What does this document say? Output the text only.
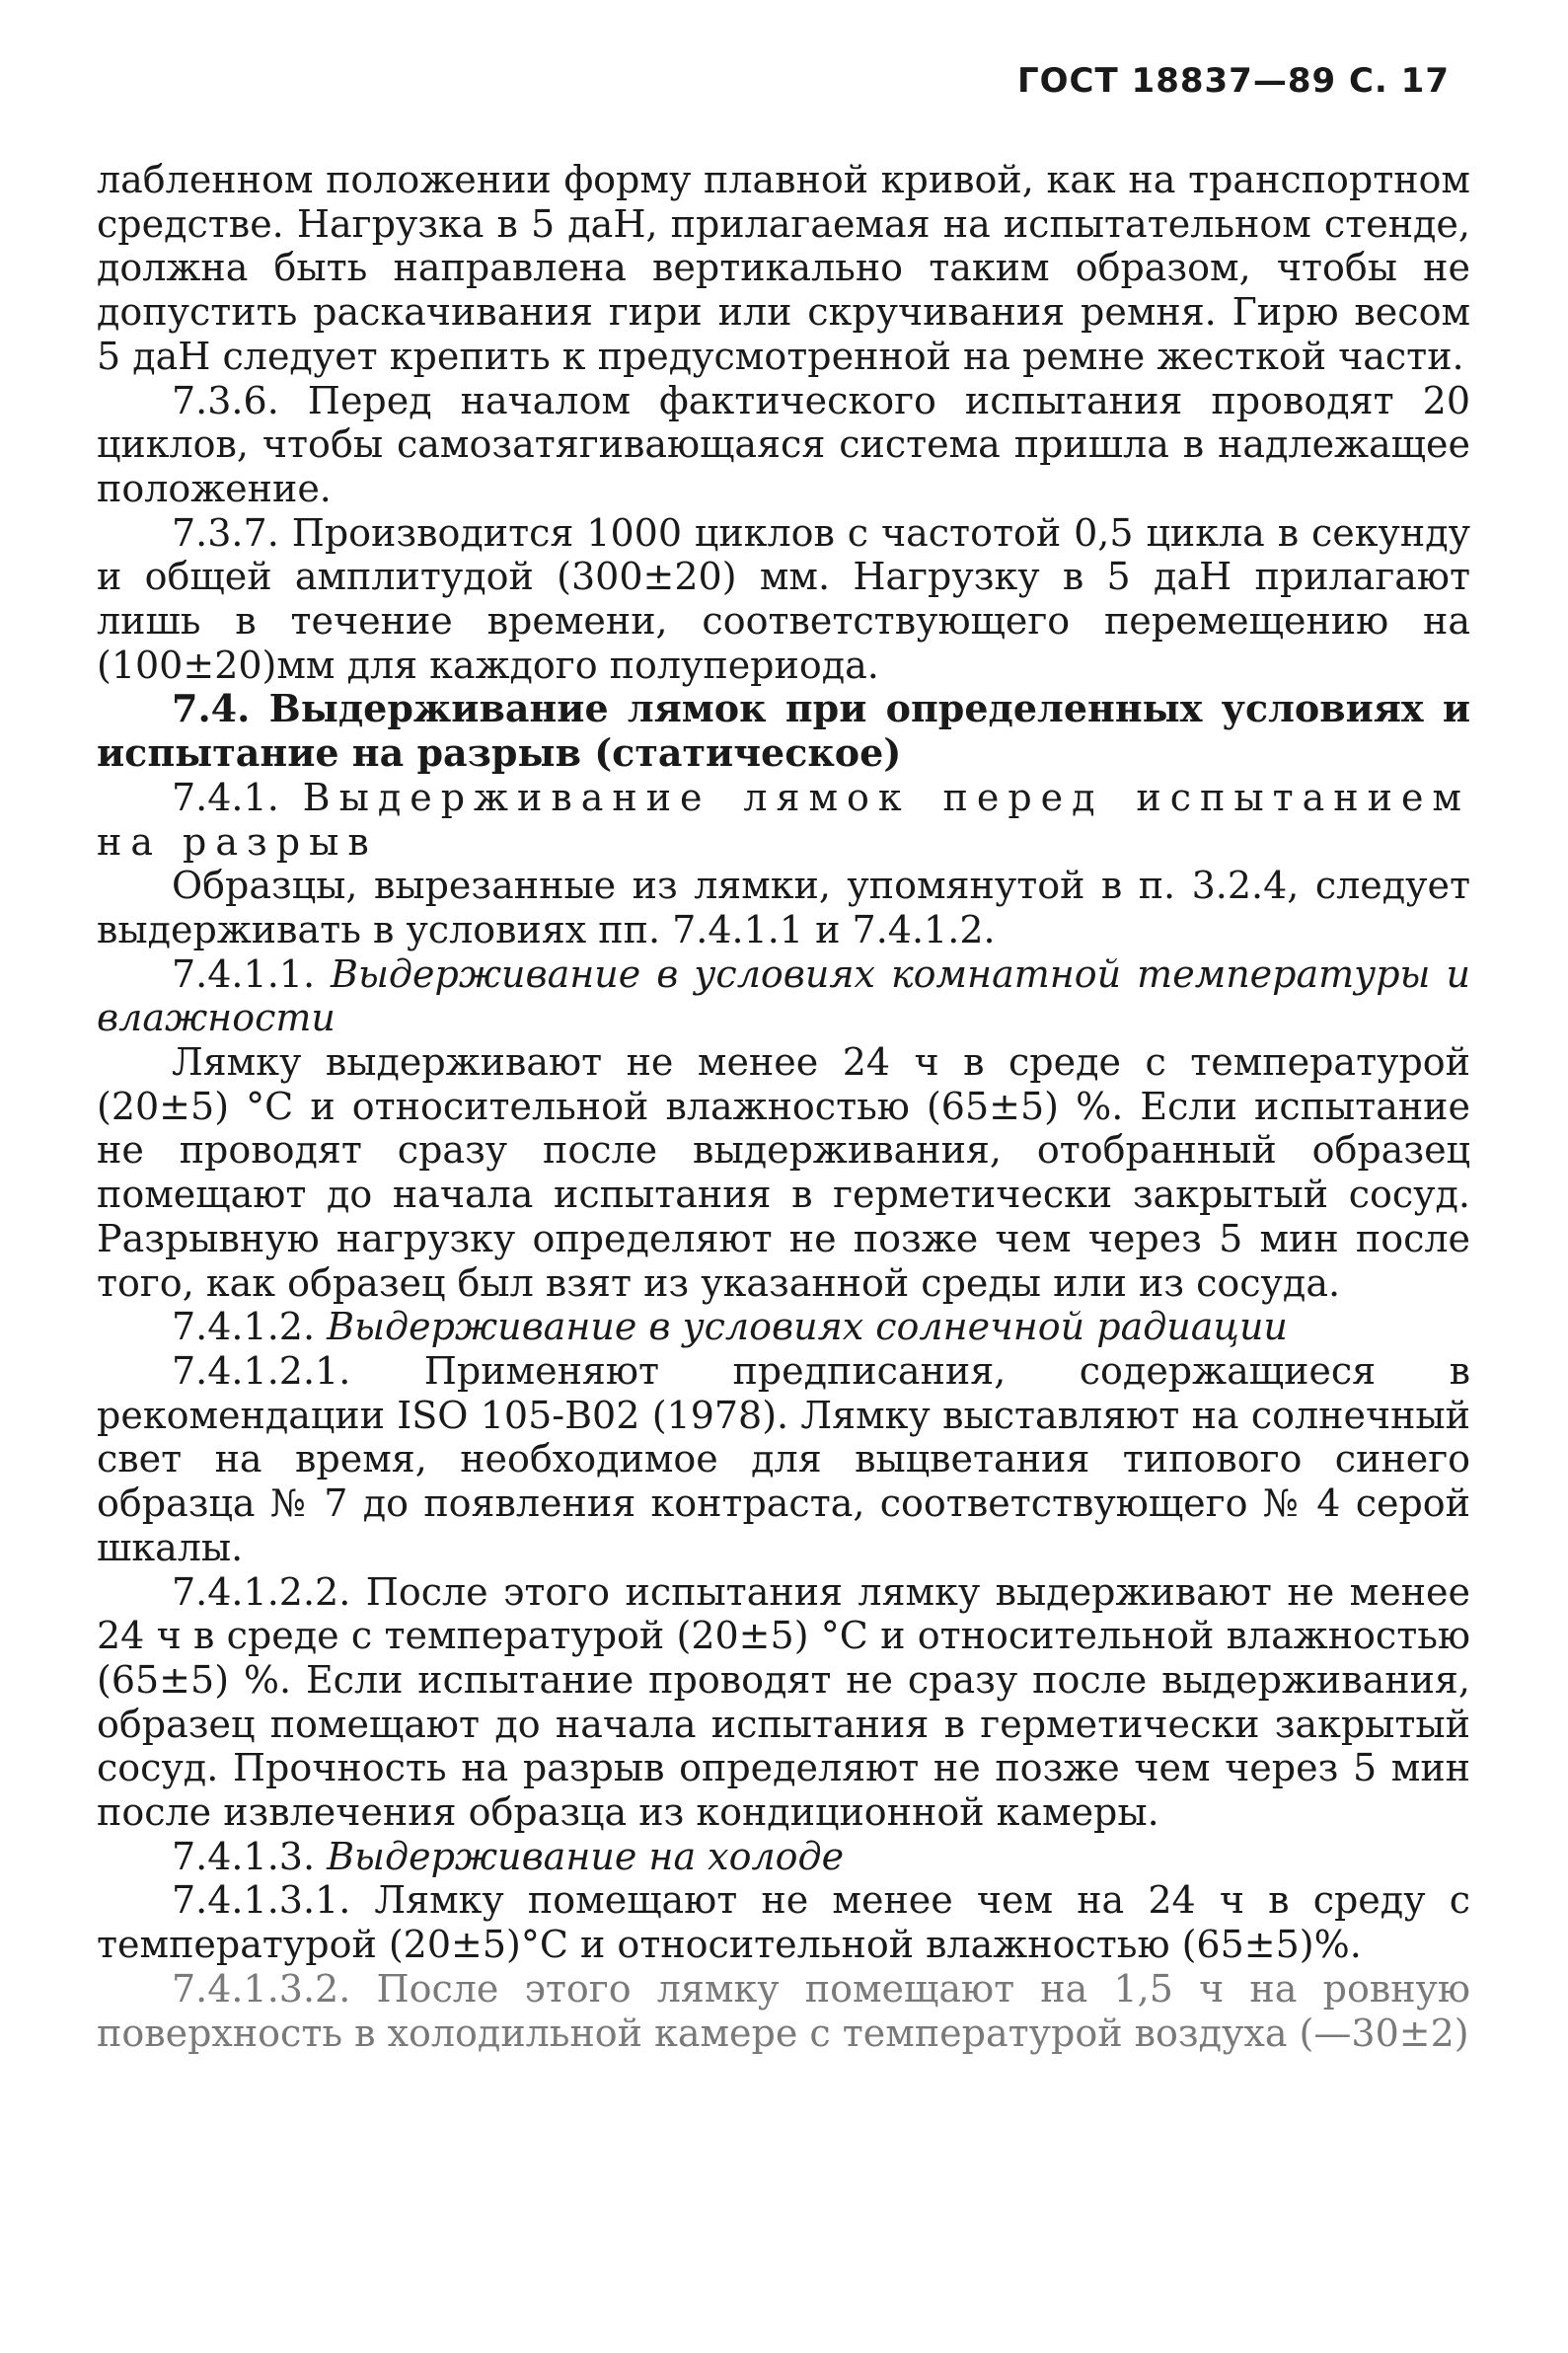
ГОСТ 18837—89 С. 17

лабленном положении форму плавной кривой, как на транспортном средстве. Нагрузка в 5 даН, прилагаемая на испытательном стенде, должна быть направлена вертикально таким образом, чтобы не допустить раскачивания гири или скручивания ремня. Гирю весом 5 даН следует крепить к предусмотренной на ремне жесткой части.

7.3.6. Перед началом фактического испытания проводят 20 циклов, чтобы самозатягивающаяся система пришла в надлежащее положение.

7.3.7. Производится 1000 циклов с частотой 0,5 цикла в секунду и общей амплитудой (300±20) мм. Нагрузку в 5 даН прилагают лишь в течение времени, соответствующего перемещению на (100±20)мм для каждого полупериода.

7.4. Выдерживание лямок при определенных условиях и испытание на разрыв (статическое)

7.4.1. Выдерживание лямок перед испытанием на разрыв

Образцы, вырезанные из лямки, упомянутой в п. 3.2.4, следует выдерживать в условиях пп. 7.4.1.1 и 7.4.1.2.

7.4.1.1. Выдерживание в условиях комнатной температуры и влажности

Лямку выдерживают не менее 24 ч в среде с температурой (20±5) °С и относительной влажностью (65±5) %. Если испытание не проводят сразу после выдерживания, отобранный образец помещают до начала испытания в герметически закрытый сосуд. Разрывную нагрузку определяют не позже чем через 5 мин после того, как образец был взят из указанной среды или из сосуда.

7.4.1.2. Выдерживание в условиях солнечной радиации

7.4.1.2.1. Применяют предписания, содержащиеся в рекомендации ISO 105-B02 (1978). Лямку выставляют на солнечный свет на время, необходимое для выцветания типового синего образца № 7 до появления контраста, соответствующего № 4 серой шкалы.

7.4.1.2.2. После этого испытания лямку выдерживают не менее 24 ч в среде с температурой (20±5) °С и относительной влажностью (65±5) %. Если испытание проводят не сразу после выдерживания, образец помещают до начала испытания в герметически закрытый сосуд. Прочность на разрыв определяют не позже чем через 5 мин после извлечения образца из кондиционной камеры.

7.4.1.3. Выдерживание на холоде

7.4.1.3.1. Лямку помещают не менее чем на 24 ч в среду с температурой (20±5)°С и относительной влажностью (65±5)%.

7.4.1.3.2. После этого лямку помещают на 1,5 ч на ровную поверхность в холодильной камере с температурой воздуха (—30±2)
